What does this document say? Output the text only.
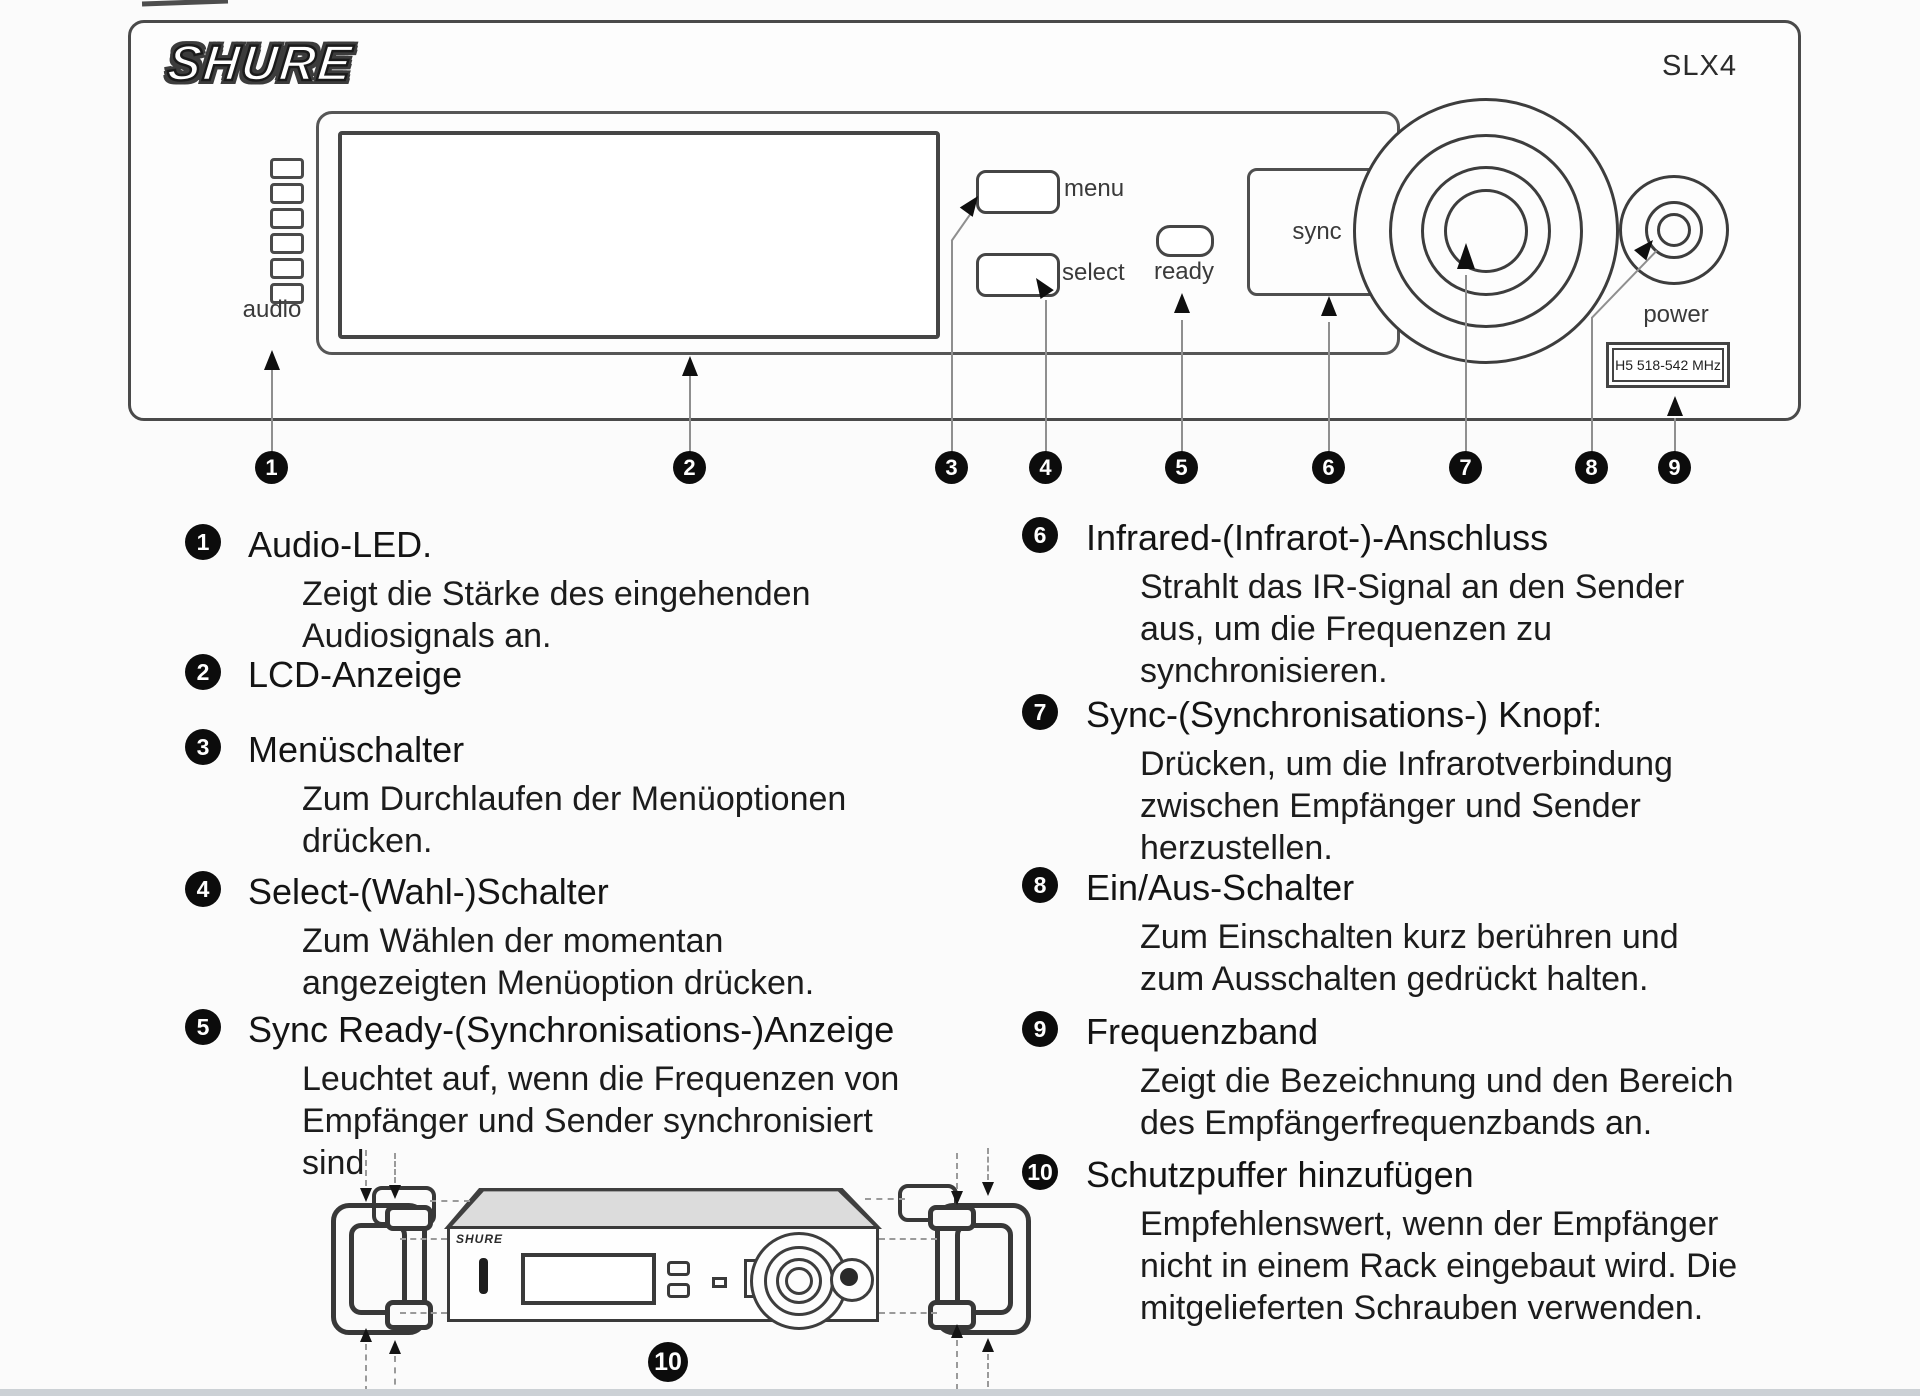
SHURE	SLX4
audio
menu
select	ready
sync
power
H5 518-542 MHz
1	2	3	4	5	6	7	8	9
1	Audio-LED.
Zeigt die Stärke des eingehenden
Audiosignals an.
2	LCD-Anzeige
3	Menüschalter
Zum Durchlaufen der Menüoptionen
drücken.
4	Select-(Wahl-)Schalter
Zum Wählen der momentan
angezeigten Menüoption drücken.
5	Sync Ready-(Synchronisations-)Anzeige
Leuchtet auf, wenn die Frequenzen von
Empfänger und Sender synchronisiert
sind
6	Infrared-(Infrarot-)-Anschluss
Strahlt das IR-Signal an den Sender
aus, um die Frequenzen zu
synchronisieren.
7	Sync-(Synchronisations-) Knopf:
Drücken, um die Infrarotverbindung
zwischen Empfänger und Sender
herzustellen.
8	Ein/Aus-Schalter
Zum Einschalten kurz berühren und
zum Ausschalten gedrückt halten.
9	Frequenzband
Zeigt die Bezeichnung und den Bereich
des Empfängerfrequenzbands an.
10 Schutzpuffer hinzufügen
Empfehlenswert, wenn der Empfänger
nicht in einem Rack eingebaut wird. Die
mitgelieferten Schrauben verwenden.
SHURE
10
